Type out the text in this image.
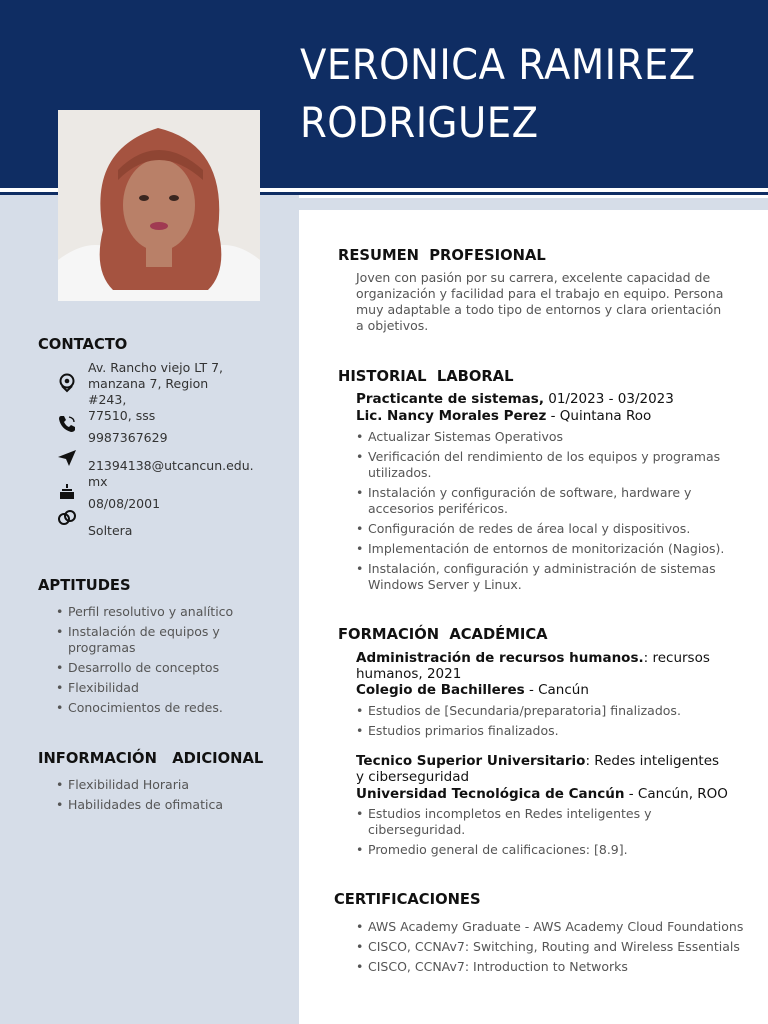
VERONICA RAMIREZ
RODRIGUEZ
CONTACTO
Av. Rancho viejo LT 7,
manzana 7, Region
#243,
77510, sss
9987367629
21394138@utcancun.edu.
mx
08/08/2001
Soltera
APTITUDES
• Perfil resolutivo y analítico
• Instalación de equipos y programas
• Desarrollo de conceptos
• Flexibilidad
• Conocimientos de redes.
INFORMACIÓN   ADICIONAL
• Flexibilidad Horaria
• Habilidades de ofimatica
RESUMEN  PROFESIONAL
Joven con pasión por su carrera, excelente capacidad de organización y facilidad para el trabajo en equipo. Persona muy adaptable a todo tipo de entornos y clara orientación a objetivos.
HISTORIAL  LABORAL
Practicante de sistemas, 01/2023 - 03/2023
Lic. Nancy Morales Perez - Quintana Roo
• Actualizar Sistemas Operativos
• Verificación del rendimiento de los equipos y programas utilizados.
• Instalación y configuración de software, hardware y accesorios periféricos.
• Configuración de redes de área local y dispositivos.
• Implementación de entornos de monitorización (Nagios).
• Instalación, configuración y administración de sistemas Windows Server y Linux.
FORMACIÓN  ACADÉMICA
Administración de recursos humanos.: recursos
humanos, 2021
Colegio de Bachilleres - Cancún
• Estudios de [Secundaria/preparatoria] finalizados.
• Estudios primarios finalizados.
Tecnico Superior Universitario: Redes inteligentes
y ciberseguridad
Universidad Tecnológica de Cancún - Cancún, ROO
• Estudios incompletos en Redes inteligentes y ciberseguridad.
• Promedio general de calificaciones: [8.9].
CERTIFICACIONES
• AWS Academy Graduate - AWS Academy Cloud Foundations
• CISCO, CCNAv7: Switching, Routing and Wireless Essentials
• CISCO, CCNAv7: Introduction to Networks
